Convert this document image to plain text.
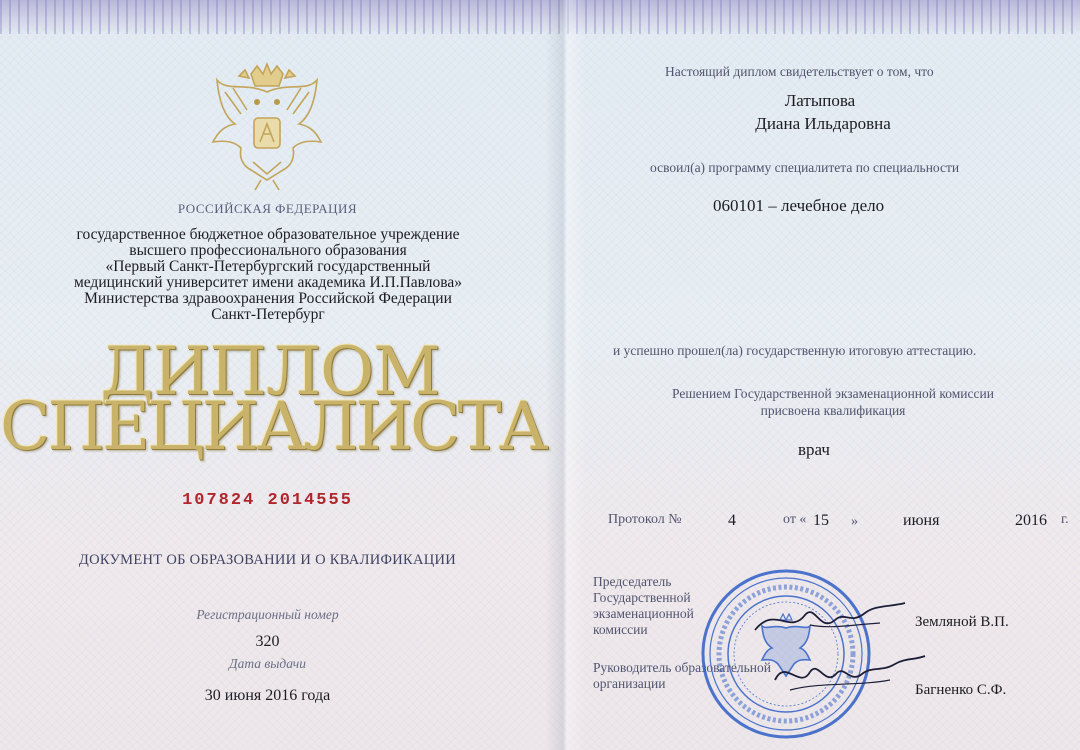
РОССИЙСКАЯ ФЕДЕРАЦИЯ
государственное бюджетное образовательное учреждение
высшего профессионального образования
«Первый Санкт-Петербургский государственный
медицинский университет имени академика И.П.Павлова»
Министерства здравоохранения Российской Федерации
Санкт-Петербург
ДИПЛОМ
СПЕЦИАЛИСТА
107824 2014555
ДОКУМЕНТ ОБ ОБРАЗОВАНИИ И О КВАЛИФИКАЦИИ
Регистрационный номер
320
Дата выдачи
30 июня 2016 года
Настоящий диплом свидетельствует о том, что
Латыпова
Диана Ильдаровна
освоил(а) программу специалитета по специальности
060101 – лечебное дело
и успешно прошел(ла) государственную итоговую аттестацию.
Решением Государственной экзаменационной комиссии
присвоена квалификация
врач
Протокол №	4	от « 15 »	июня	2016 г.
Председатель
Государственной
экзаменационной комиссии	Земляной В.П.
Руководитель образовательной
организации	Багненко С.Ф.
